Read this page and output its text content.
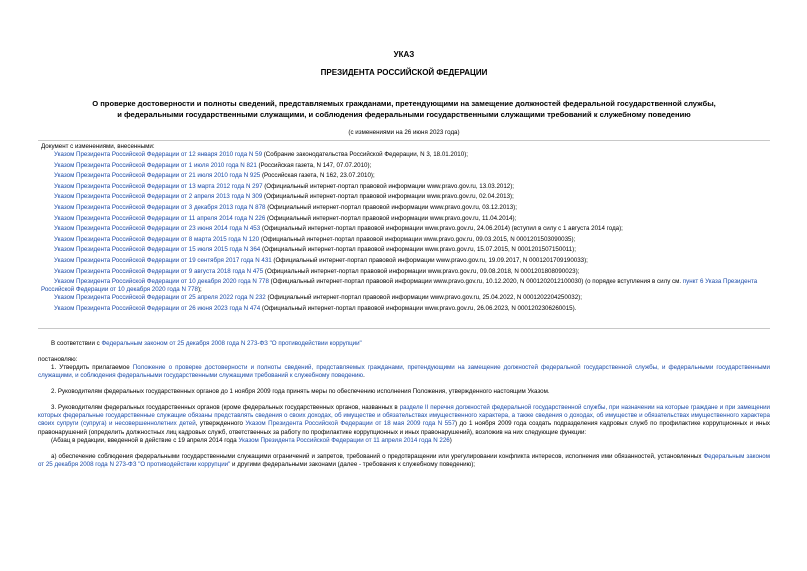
УКАЗ
ПРЕЗИДЕНТА РОССИЙСКОЙ ФЕДЕРАЦИИ
О проверке достоверности и полноты сведений, представляемых гражданами, претендующими на замещение должностей федеральной государственной службы,
и федеральными государственными служащими, и соблюдения федеральными государственными служащими требований к служебному поведению
(с изменениями на 26 июня 2023 года)
Документ с изменениями, внесенными:
Указом Президента Российской Федерации от 12 января 2010 года N 59 (Собрание законодательства Российской Федерации, N 3, 18.01.2010);
Указом Президента Российской Федерации от 1 июля 2010 года N 821 (Российская газета, N 147, 07.07.2010);
Указом Президента Российской Федерации от 21 июля 2010 года N 925 (Российская газета, N 162, 23.07.2010);
Указом Президента Российской Федерации от 13 марта 2012 года N 297 (Официальный интернет-портал правовой информации www.pravo.gov.ru, 13.03.2012);
Указом Президента Российской Федерации от 2 апреля 2013 года N 309 (Официальный интернет-портал правовой информации www.pravo.gov.ru, 02.04.2013);
Указом Президента Российской Федерации от 3 декабря 2013 года N 878 (Официальный интернет-портал правовой информации www.pravo.gov.ru, 03.12.2013);
Указом Президента Российской Федерации от 11 апреля 2014 года N 226 (Официальный интернет-портал правовой информации www.pravo.gov.ru, 11.04.2014);
Указом Президента Российской Федерации от 23 июня 2014 года N 453 (Официальный интернет-портал правовой информации www.pravo.gov.ru, 24.06.2014) (вступил в силу с 1 августа 2014 года);
Указом Президента Российской Федерации от 8 марта 2015 года N 120 (Официальный интернет-портал правовой информации www.pravo.gov.ru, 09.03.2015, N 0001201503090035);
Указом Президента Российской Федерации от 15 июля 2015 года N 364 (Официальный интернет-портал правовой информации www.pravo.gov.ru, 15.07.2015, N 0001201507150011);
Указом Президента Российской Федерации от 19 сентября 2017 года N 431 (Официальный интернет-портал правовой информации www.pravo.gov.ru, 19.09.2017, N 0001201709190033);
Указом Президента Российской Федерации от 9 августа 2018 года N 475 (Официальный интернет-портал правовой информации www.pravo.gov.ru, 09.08.2018, N 0001201808090023);
Указом Президента Российской Федерации от 10 декабря 2020 года N 778 (Официальный интернет-портал правовой информации www.pravo.gov.ru, 10.12.2020, N 0001202012100030) (о порядке вступления в силу см. пункт 6 Указа Президента Российской Федерации от 10 декабря 2020 года N 778);
Указом Президента Российской Федерации от 25 апреля 2022 года N 232 (Официальный интернет-портал правовой информации www.pravo.gov.ru, 25.04.2022, N 0001202204250032);
Указом Президента Российской Федерации от 26 июня 2023 года N 474 (Официальный интернет-портал правовой информации www.pravo.gov.ru, 26.06.2023, N 0001202306260015).

В соответствии с Федеральным законом от 25 декабря 2008 года N 273-ФЗ "О противодействии коррупции"

постановляю:

1. Утвердить прилагаемое Положение о проверке достоверности и полноты сведений, представляемых гражданами, претендующими на замещение должностей федеральной государственной службы, и федеральными государственными служащими, и соблюдения федеральными государственными служащими требований к служебному поведению.

2. Руководителям федеральных государственных органов до 1 ноября 2009 года принять меры по обеспечению исполнения Положения, утвержденного настоящим Указом.

3. Руководителям федеральных государственных органов (кроме федеральных государственных органов, названных в разделе II перечня должностей федеральной государственной службы, при назначении на которые граждане и при замещении которых федеральные государственные служащие обязаны представлять сведения о своих доходах, об имуществе и обязательствах имущественного характера, а также сведения о доходах, об имуществе и обязательствах имущественного характера своих супруги (супруга) и несовершеннолетних детей, утвержденного Указом Президента Российской Федерации от 18 мая 2009 года N 557) до 1 ноября 2009 года создать подразделения кадровых служб по профилактике коррупционных и иных правонарушений (определить должностных лиц кадровых служб, ответственных за работу по профилактике коррупционных и иных правонарушений), возложив на них следующие функции:

(Абзац в редакции, введенной в действие с 19 апреля 2014 года Указом Президента Российской Федерации от 11 апреля 2014 года N 226)

а) обеспечение соблюдения федеральными государственными служащими ограничений и запретов, требований о предотвращении или урегулировании конфликта интересов, исполнения ими обязанностей, установленных Федеральным законом от 25 декабря 2008 года N 273-ФЗ "О противодействии коррупции" и другими федеральными законами (далее - требования к служебному поведению);
